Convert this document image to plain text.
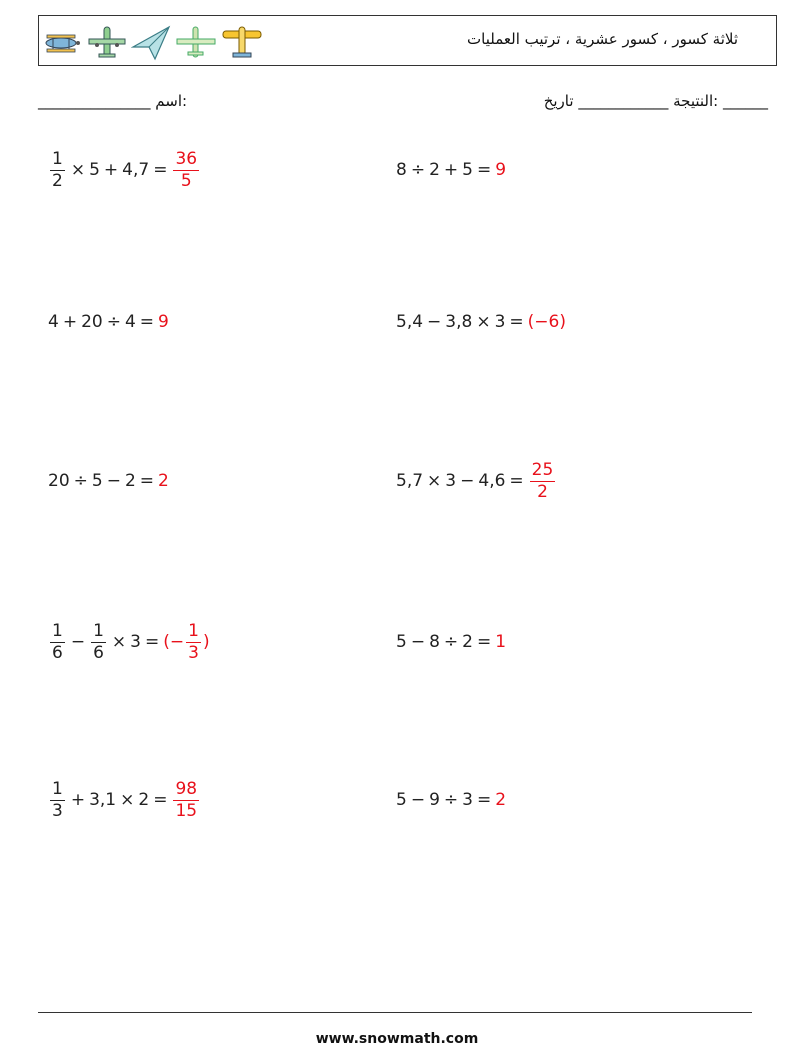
ثلاثة كسور ، كسور عشرية ، ترتيب العمليات
_______________ اسم:	النتيجة ____________ تاريخ: ______
$\frac{1}{2} \times 5 + 4,7 = \frac{36}{5}$	8 ÷ 2 + 5 = 9
4 + 20 ÷ 4 = 9	5,4 − 3,8 × 3 = (−6)
20 ÷ 5 − 2 = 2	$5,7 \times 3 - 4,6 = \frac{25}{2}$
$\frac{1}{6} - \frac{1}{6} \times 3$ = (− $\frac{1}{3}$ )	5 − 8 ÷ 2 = 1
$\frac{1}{3} + 3,1 \times 2 = \frac{98}{15}$	5 − 9 ÷ 3 = 2
www.snowmath.com
